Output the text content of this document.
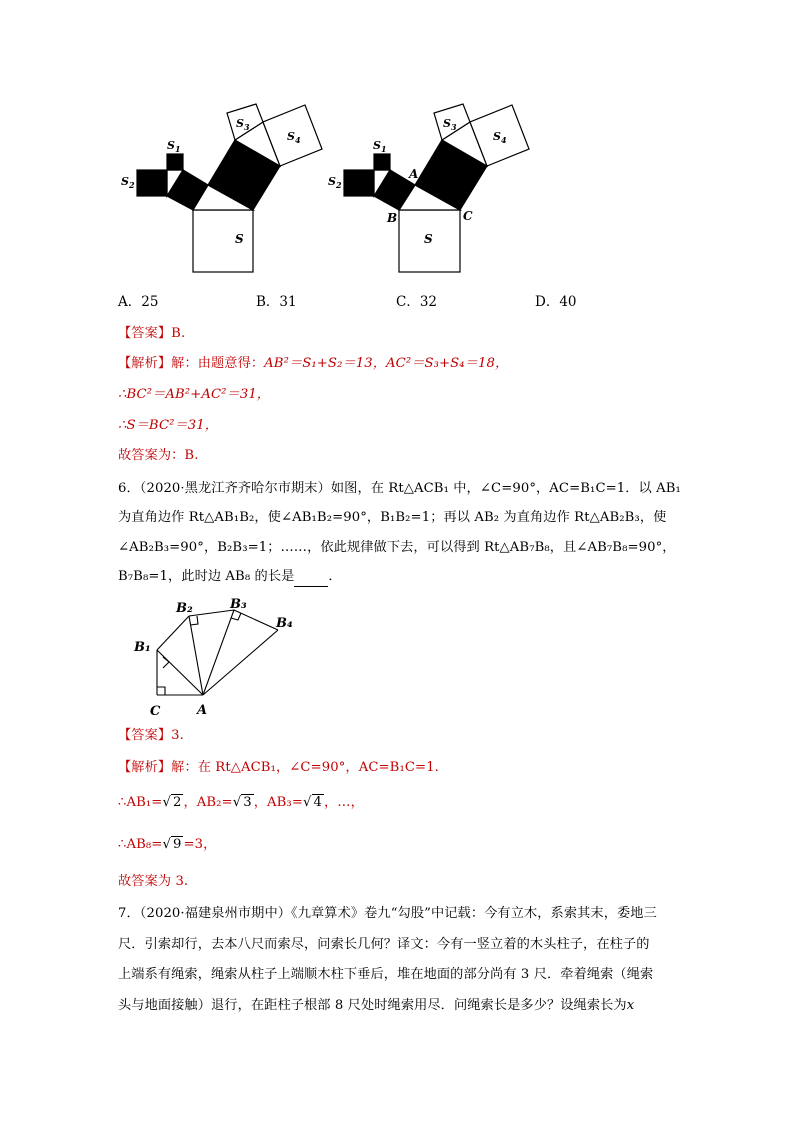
S
$S_1$
$S_2$
$S_3$
$S_4$
S
$S_1$
$S_2$
$S_3$
$S_4$
A
B	C
A．25	B．31	C．32	D．40
【答案】B.
【解析】解：由题意得：AB²＝S₁+S₂＝13，AC²＝S₃+S₄＝18，
∴BC²＝AB²+AC²＝31，
∴S＝BC²＝31，
故答案为：B.
6．（2020·黑龙江齐齐哈尔市期末）如图，在 Rt△ACB₁ 中，∠C=90°，AC=B₁C=1．以 AB₁
为直角边作 Rt△AB₁B₂，使∠AB₁B₂=90°，B₁B₂=1；再以 AB₂ 为直角边作 Rt△AB₂B₃，使
∠AB₂B₃=90°，B₂B₃=1；……，依此规律做下去，可以得到 Rt△AB₇B₈，且∠AB₇B₈=90°，
B₇B₈=1，此时边 AB₈ 的长是	．
B₁
B₂	B₃
B₄
C	A
【答案】3.
【解析】解：在 Rt△ACB₁，∠C=90°，AC=B₁C=1.
∴AB₁=√ 2 ，AB₂=√ 3 ，AB₃=√ 4 ，…，
∴AB₈=√ 9 =3，
故答案为 3.
7．（2020·福建泉州市期中）《九章算术》卷九“勾股”中记载：今有立木，系索其末，委地三
尺．引索却行，去本八尺而索尽，问索长几何？译文：今有一竖立着的木头柱子，在柱子的
上端系有绳索，绳索从柱子上端顺木柱下垂后，堆在地面的部分尚有 3 尺．牵着绳索（绳索
头与地面接触）退行，在距柱子根部 8 尺处时绳索用尽．问绳索长是多少？设绳索长为x
